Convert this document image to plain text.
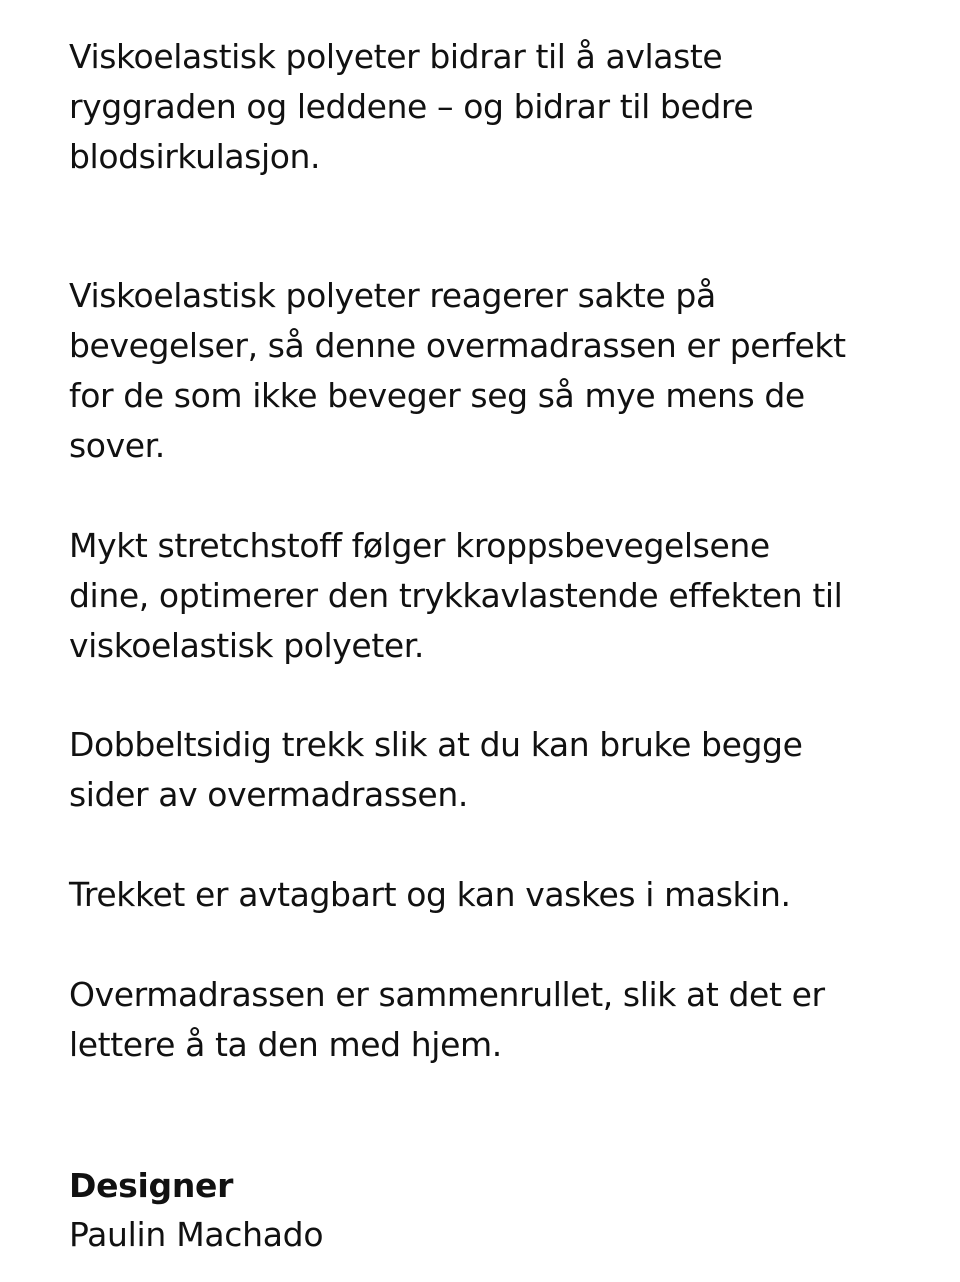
Viskoelastisk polyeter bidrar til å avlaste
ryggraden og leddene – og bidrar til bedre
blodsirkulasjon.

Viskoelastisk polyeter reagerer sakte på
bevegelser, så denne overmadrassen er perfekt
for de som ikke beveger seg så mye mens de
sover.

Mykt stretchstoff følger kroppsbevegelsene
dine, optimerer den trykkavlastende effekten til
viskoelastisk polyeter.

Dobbeltsidig trekk slik at du kan bruke begge
sider av overmadrassen.

Trekket er avtagbart og kan vaskes i maskin.

Overmadrassen er sammenrullet, slik at det er
lettere å ta den med hjem.

Designer

Paulin Machado
